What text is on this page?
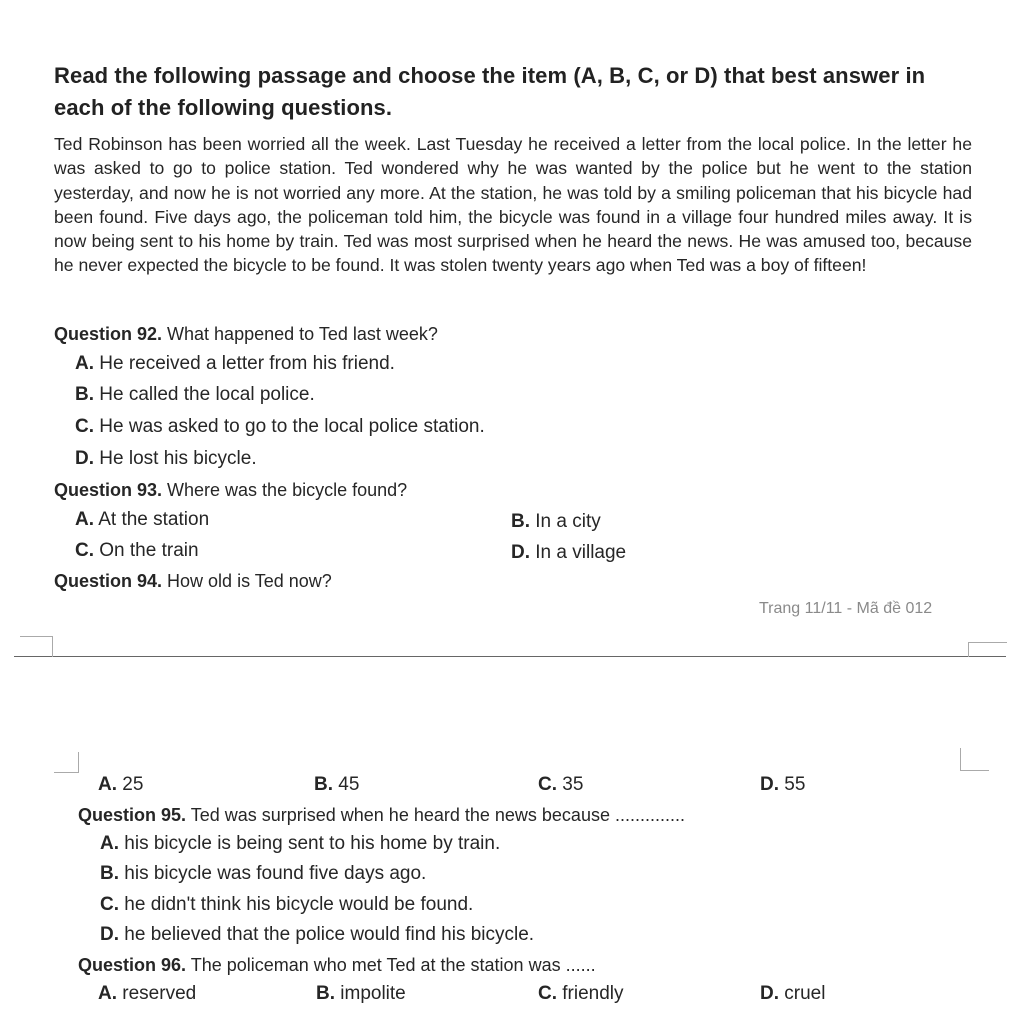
Read the following passage and choose the item (A, B, C, or D) that best answer in
each of the following questions.
Ted Robinson has been worried all the week. Last Tuesday he received a letter from the local police. In the letter he was asked to go to police station. Ted wondered why he was wanted by the police but he went to the station yesterday, and now he is not worried any more. At the station, he was told by a smiling policeman that his bicycle had been found. Five days ago, the policeman told him, the bicycle was found in a village four hundred miles away. It is now being sent to his home by train. Ted was most surprised when he heard the news. He was amused too, because he never expected the bicycle to be found. It was stolen twenty years ago when Ted was a boy of fifteen!
Question 92. What happened to Ted last week?
A. He received a letter from his friend.
B. He called the local police.
C. He was asked to go to the local police station.
D. He lost his bicycle.
Question 93. Where was the bicycle found?
A. At the station	B. In a city
C. On the train	D. In a village
Question 94. How old is Ted now?
Trang 11/11 - Mã đề 012
A. 25	B. 45	C. 35	D. 55
Question 95. Ted was surprised when he heard the news because ..............
A. his bicycle is being sent to his home by train.
B. his bicycle was found five days ago.
C. he didn't think his bicycle would be found.
D. he believed that the police would find his bicycle.
Question 96. The policeman who met Ted at the station was ......
A. reserved	B. impolite	C. friendly	D. cruel
